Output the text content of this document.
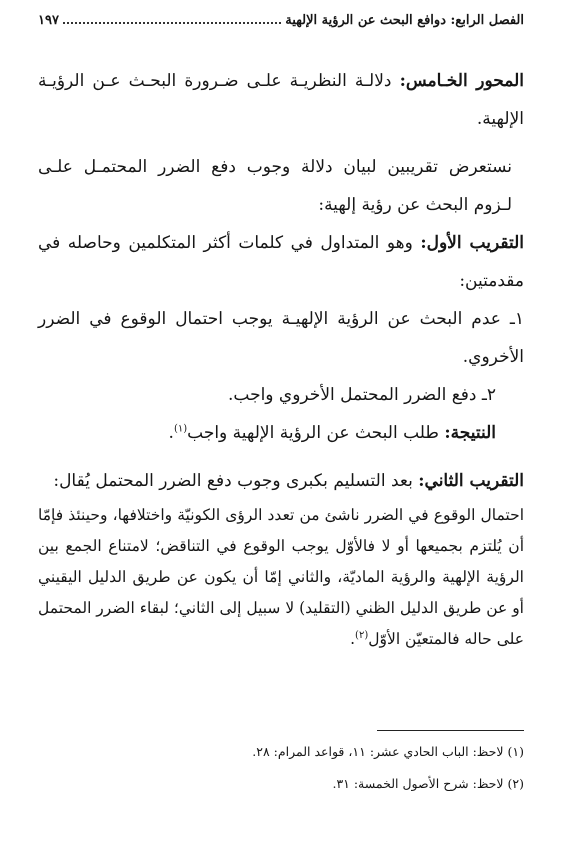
الفصل الرابع: دوافع البحث عن الرؤية الإلهية
١٩٧

المحور الخـامس: دلالـة النظريـة علـى ضـرورة البحـث عـن الرؤيـة الإلهية.

نستعرض تقريبين لبيان دلالة وجوب دفع الضرر المحتمـل علـى لـزوم البحث عن رؤية إلهية:

التقريب الأول: وهو المتداول في كلمات أكثر المتكلمين وحاصله في مقدمتين:

١ـ عدم البحث عن الرؤية الإلهيـة يوجب احتمال الوقوع في الضرر الأخروي.

٢ـ دفع الضرر المحتمل الأخروي واجب.

النتيجة: طلب البحث عن الرؤية الإلهية واجب$^{(١)}$.

التقريب الثاني: بعد التسليم بكبرى وجوب دفع الضرر المحتمل يُقال:

احتمال الوقوع في الضرر ناشئ من تعدد الرؤى الكونيّة واختلافها، وحينئذ فإمّا أن يُلتزم بجميعها أو لا فالأوّل يوجب الوقوع في التناقض؛ لامتناع الجمع بين الرؤية الإلهية والرؤية الماديّة، والثاني إمّا أن يكون عن طريق الدليل اليقيني أو عن طريق الدليل الظني (التقليد) لا سبيل إلى الثاني؛ لبقاء الضرر المحتمل على حاله فالمتعيّن الأوّل$^{(٢)}$.

(١) لاحظ: الباب الحادي عشر: ١١، قواعد المرام: ٢٨.

(٢) لاحظ: شرح الأصول الخمسة: ٣١.
